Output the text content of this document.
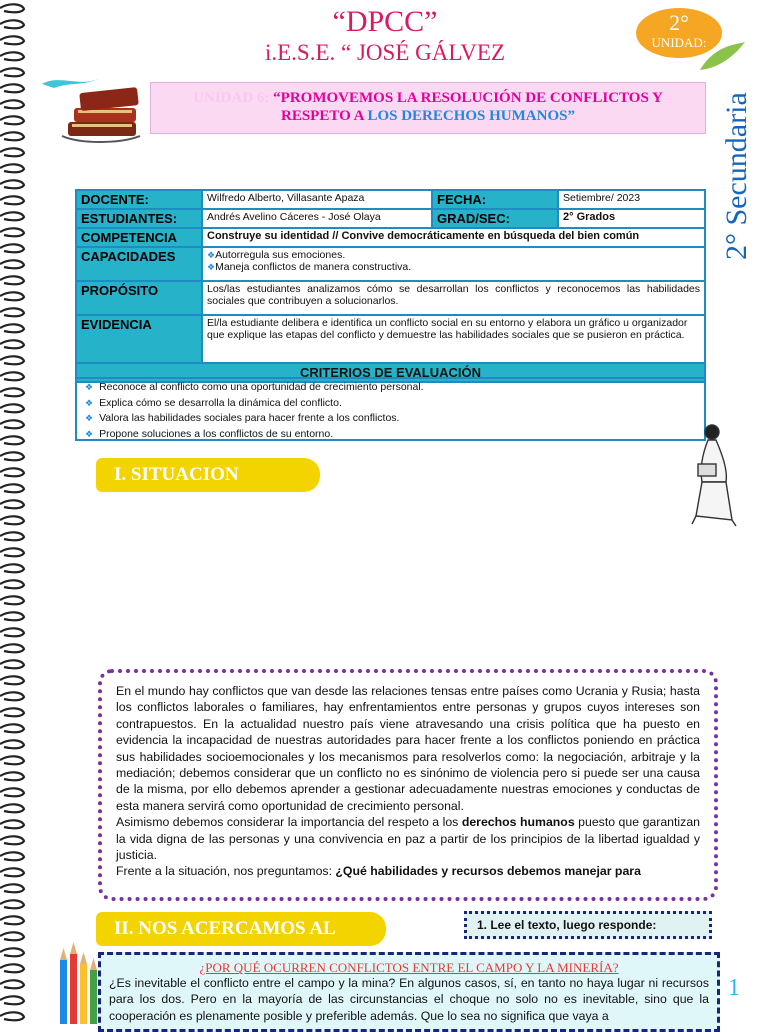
“DPCC”
i.E.S.E. “ JOSÉ GÁLVEZ
UNIDAD 6: “PROMOVEMOS LA RESOLUCIÓN DE CONFLICTOS Y
RESPETO A LOS DERECHOS HUMANOS”
2°
UNIDAD:
2° Secundaria
DOCENTE:	Wilfredo Alberto, Villasante Apaza	FECHA:	Setiembre/ 2023
ESTUDIANTES:	Andrés Avelino Cáceres - José Olaya	GRAD/SEC:	2° Grados
COMPETENCIA	Construye su identidad // Convive democráticamente en búsqueda del bien común		
CAPACIDADES	❖Autorregula sus emociones.
❖Maneja conflictos de manera constructiva.		

PROPÓSITO	Los/las estudiantes analizamos cómo se desarrollan los conflictos y reconocemos las habilidades sociales que contribuyen a solucionarlos.		
EVIDENCIA	El/la estudiante delibera e identifica un conflicto social en su entorno y elabora un gráfico u organizador que explique las etapas del conflicto y demuestre las habilidades sociales que se pusieron en práctica.		
CRITERIOS DE EVALUACIÓN			
❖ Reconoce al conflicto como una oportunidad de crecimiento personal.
❖ Explica cómo se desarrolla la dinámica del conflicto.
❖ Valora las habilidades sociales para hacer frente a los conflictos.
❖ Propone soluciones a los conflictos de su entorno.
I. SITUACION

En el mundo hay conflictos que van desde las relaciones tensas entre países como Ucrania y Rusia; hasta los conflictos laborales o familiares, hay enfrentamientos entre personas y grupos cuyos intereses son contrapuestos. En la actualidad nuestro país viene atravesando una crisis política que ha puesto en evidencia la incapacidad de nuestras autoridades para hacer frente a los conflictos poniendo en práctica sus habilidades socioemocionales y los mecanismos para resolverlos como: la negociación, arbitraje y la mediación; debemos considerar que un conflicto no es sinónimo de violencia pero si puede ser una causa de la misma, por ello debemos aprender a gestionar adecuadamente nuestras emociones y conductas de esta manera servirá como oportunidad de crecimiento personal.

Asimismo debemos considerar la importancia del respeto a los derechos humanos puesto que garantizan la vida digna de las personas y una convivencia en paz a partir de los principios de la libertad igualdad y justicia.

Frente a la situación, nos preguntamos: ¿Qué habilidades y recursos debemos manejar para

II. NOS ACERCAMOS AL	1. Lee el texto, luego responde:
¿POR QUÉ OCURREN CONFLICTOS ENTRE EL CAMPO Y LA MINERÍA?
¿Es inevitable el conflicto entre el campo y la mina? En algunos casos, sí, en tanto no haya lugar ni recursos para los dos. Pero en la mayoría de las circunstancias el choque no solo no es inevitable, sino que la cooperación es plenamente posible y preferible además. Que lo sea no significa que vaya a
1
